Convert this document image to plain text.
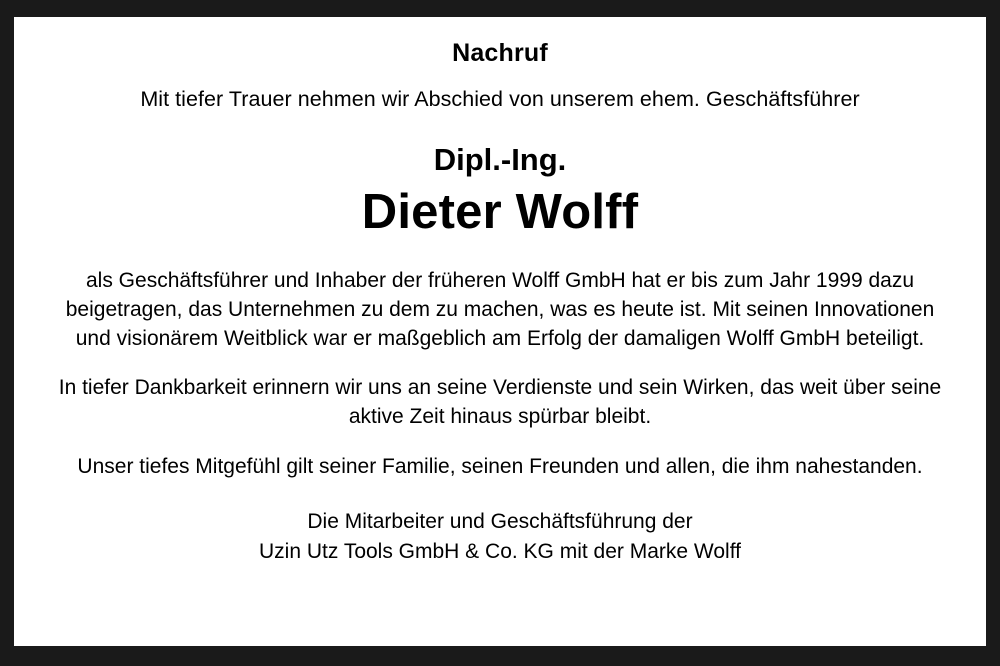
Nachruf
Mit tiefer Trauer nehmen wir Abschied von unserem ehem. Geschäftsführer
Dipl.-Ing.
Dieter Wolff

als Geschäftsführer und Inhaber der früheren Wolff GmbH hat er bis zum Jahr 1999 dazu beigetragen, das Unternehmen zu dem zu machen, was es heute ist. Mit seinen Innovationen und visionärem Weitblick war er maßgeblich am Erfolg der damaligen Wolff GmbH beteiligt.

In tiefer Dankbarkeit erinnern wir uns an seine Verdienste und sein Wirken, das weit über seine aktive Zeit hinaus spürbar bleibt.

Unser tiefes Mitgefühl gilt seiner Familie, seinen Freunden und allen, die ihm nahestanden.

Die Mitarbeiter und Geschäftsführung der
Uzin Utz Tools GmbH & Co. KG mit der Marke Wolff
